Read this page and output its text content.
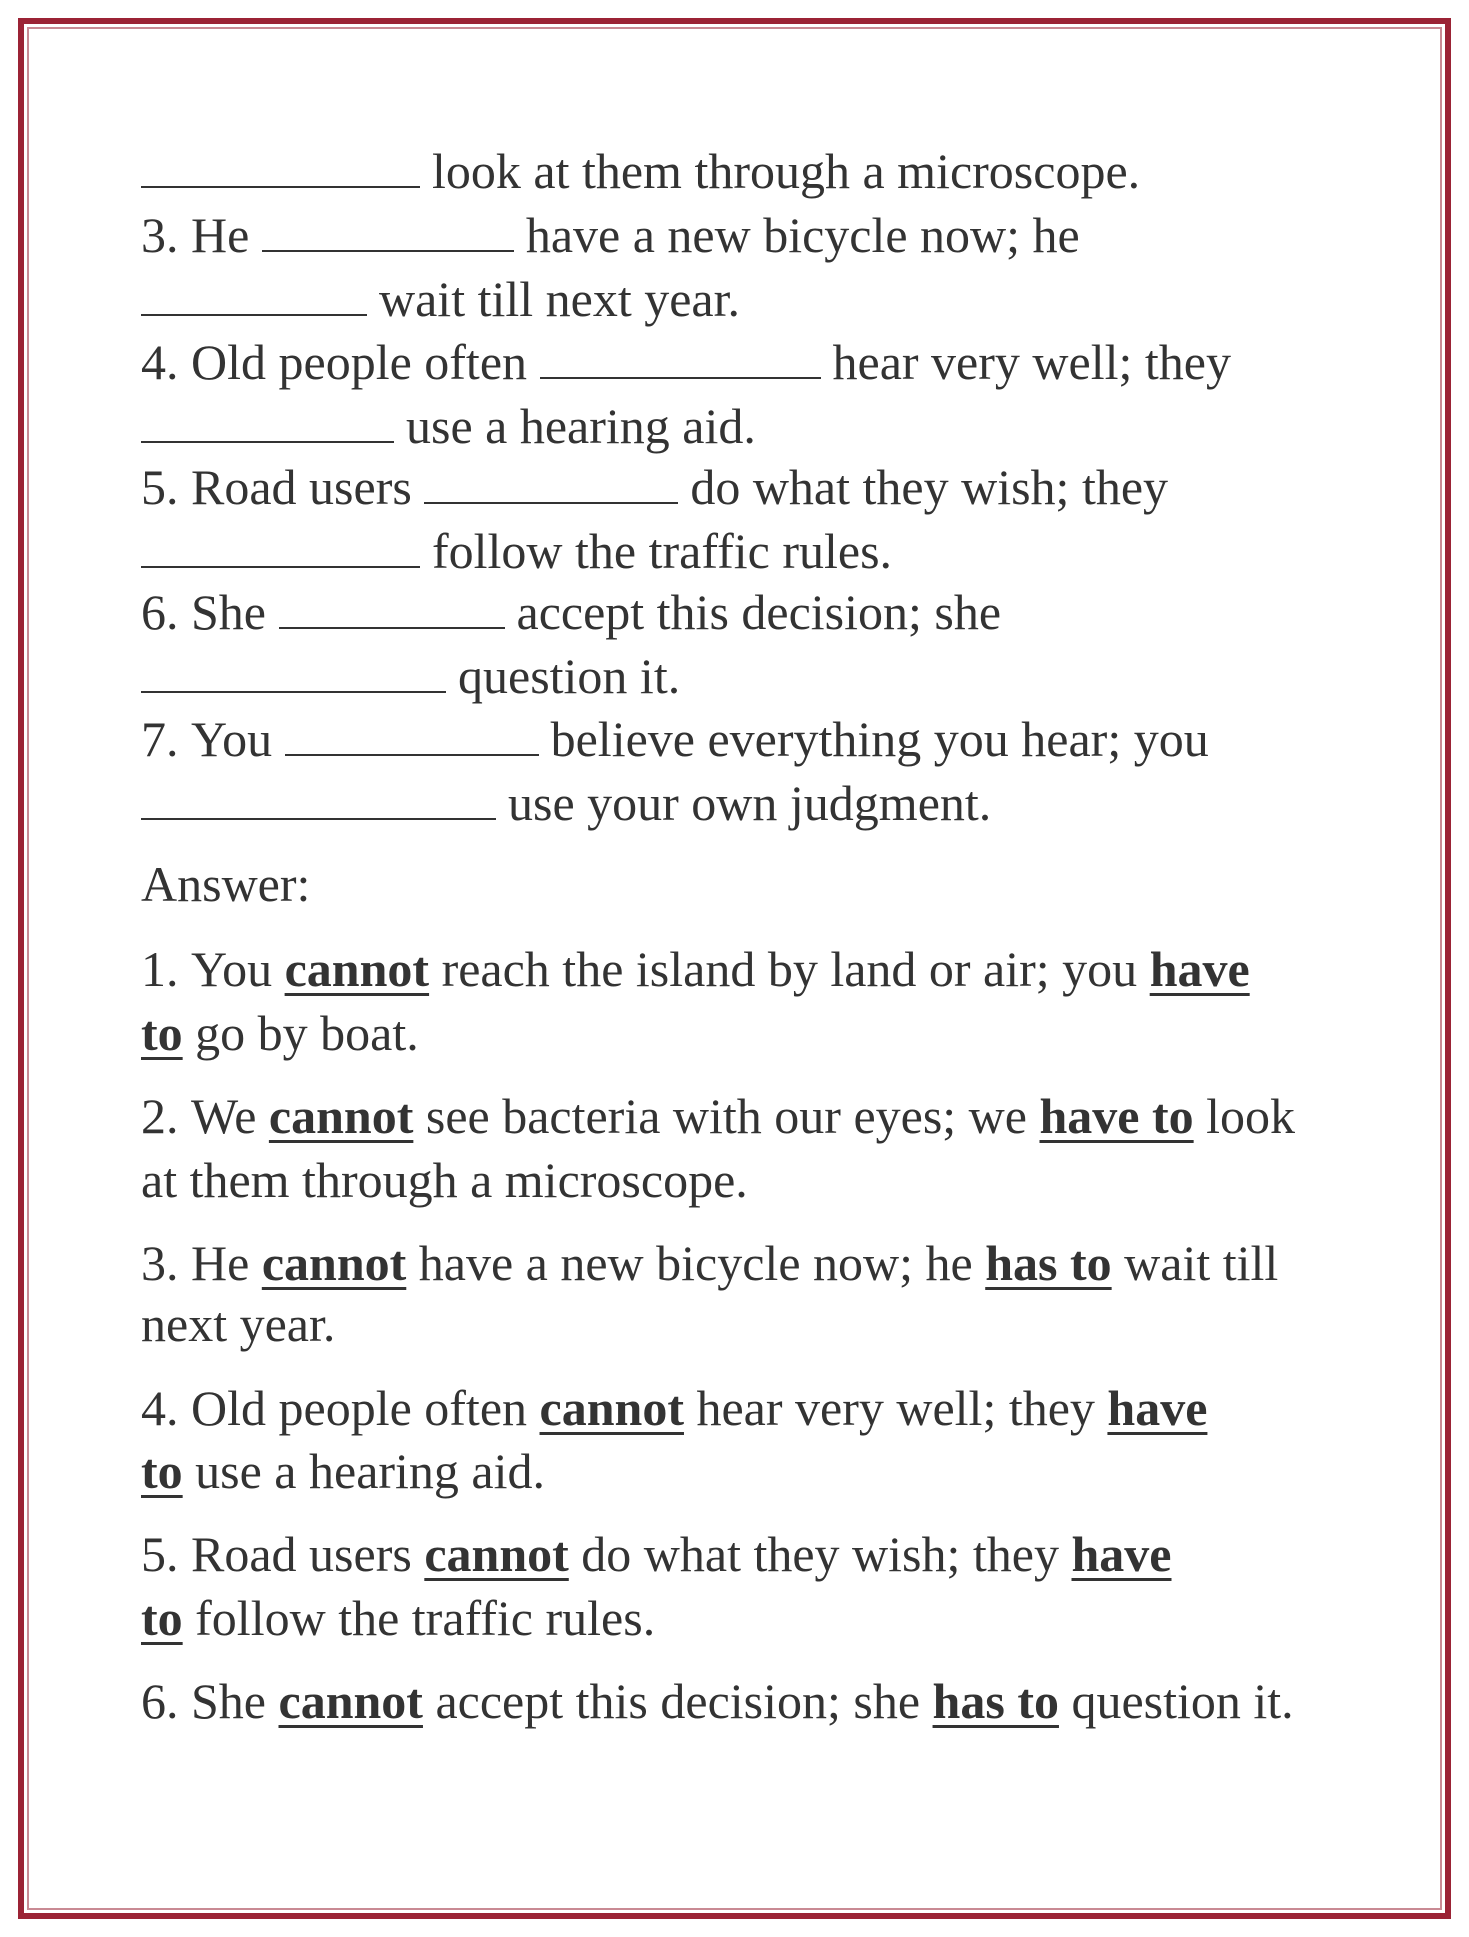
look at them through a microscope.
3. He	have a new bicycle now; he
wait till next year.
4. Old people often	hear very well; they
use a hearing aid.
5. Road users	do what they wish; they
follow the traffic rules.
6. She	accept this decision; she
question it.
7. You	believe everything you hear; you
use your own judgment.
1. You cannot reach the island by land or air; you have
to go by boat.
2. We cannot see bacteria with our eyes; we have to look
at them through a microscope.
3. He cannot have a new bicycle now; he has to wait till
next year.
4. Old people often cannot hear very well; they have
to use a hearing aid.
5. Road users cannot do what they wish; they have
to follow the traffic rules.
6. She cannot accept this decision; she has to question it.
Answer:
